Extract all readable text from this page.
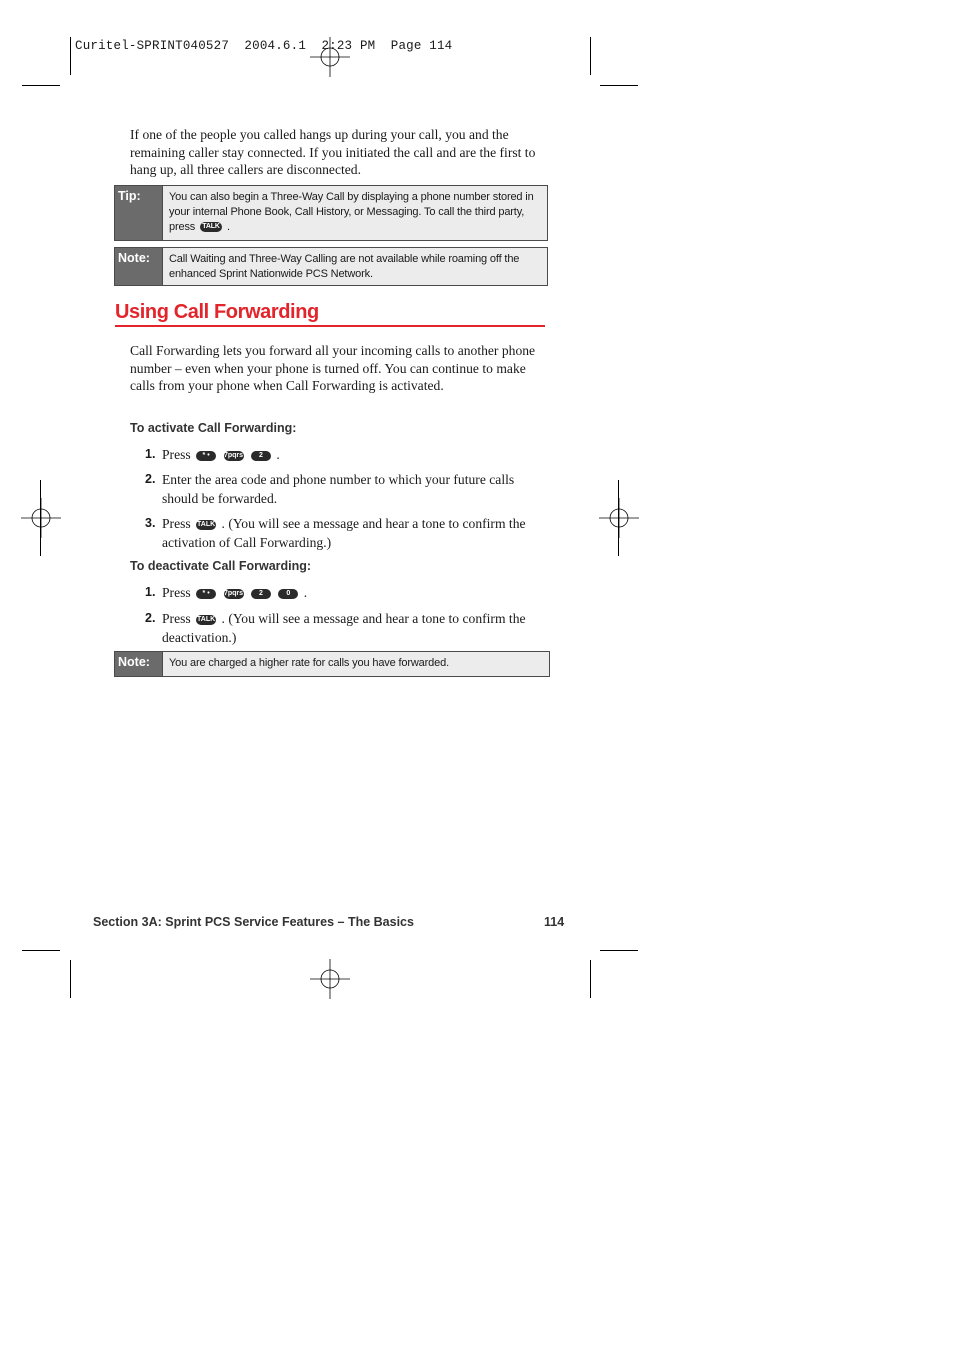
Curitel-SPRINT040527  2004.6.1  2:23 PM  Page 114
If one of the people you called hangs up during your call, you and the remaining caller stay connected. If you initiated the call and are the first to hang up, all three callers are disconnected.
Tip:	You can also begin a Three-Way Call by displaying a phone number stored in your internal Phone Book, Call History, or Messaging. To call the third party, press TALK .
Note:	Call Waiting and Three-Way Calling are not available while roaming off the enhanced Sprint Nationwide PCS Network.
Using Call Forwarding
Call Forwarding lets you forward all your incoming calls to another phone number – even when your phone is turned off. You can continue to make calls from your phone when Call Forwarding is activated.
To activate Call Forwarding:
1. Press * • 7pqrs 2 ABC .
2. Enter the area code and phone number to which your future calls should be forwarded.
3. Press TALK . (You will see a message and hear a tone to confirm the activation of Call Forwarding.)
To deactivate Call Forwarding:
1. Press * • 7pqrs 2 ABC 0 NEXT .
2. Press TALK . (You will see a message and hear a tone to confirm the deactivation.)
Note:	You are charged a higher rate for calls you have forwarded.
Section 3A: Sprint PCS Service Features – The Basics	114
